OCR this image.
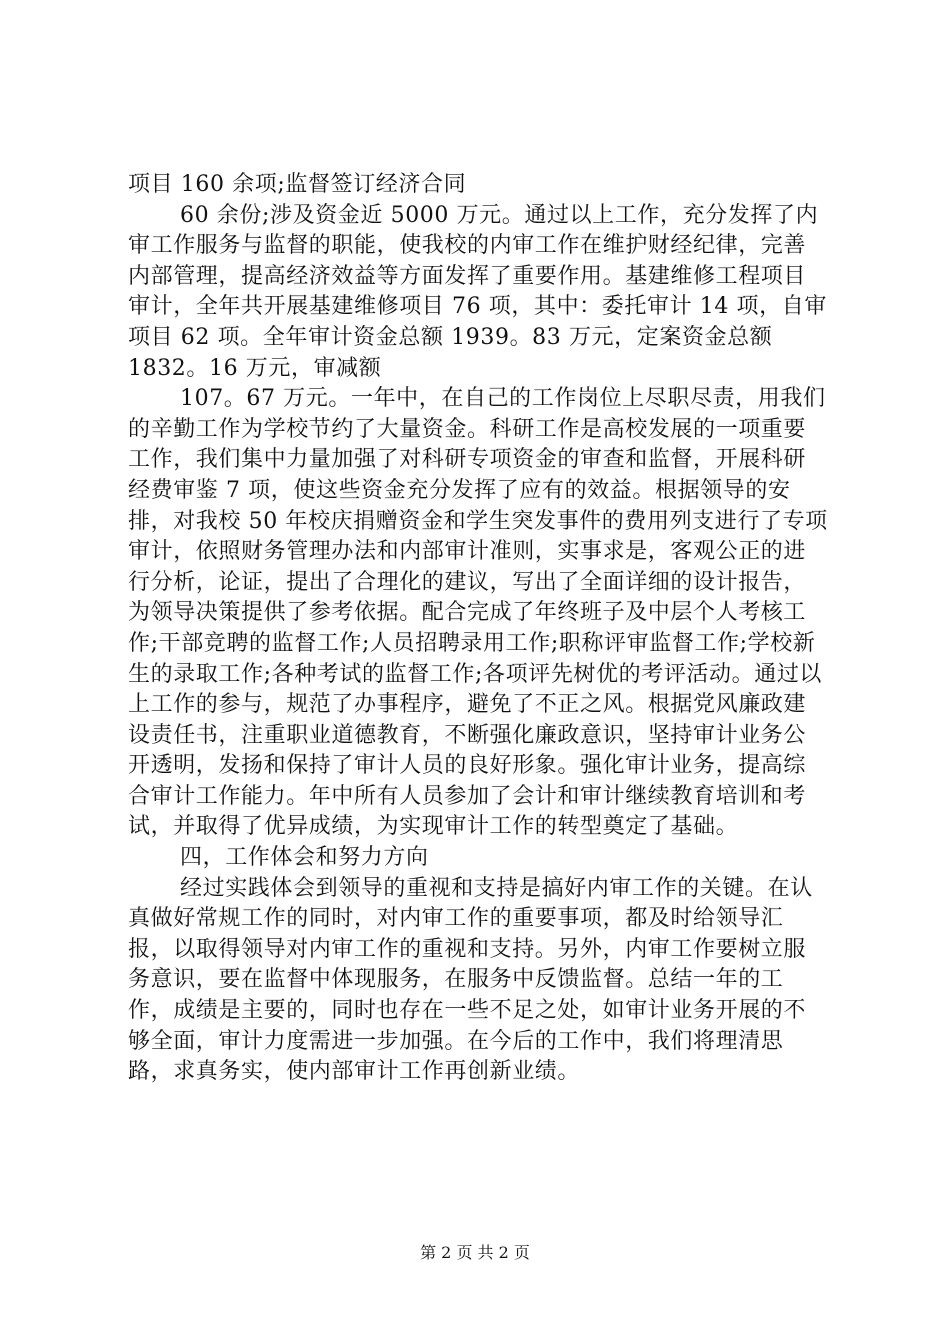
项目 160 余项;监督签订经济合同

60 余份;涉及资金近 5000 万元。通过以上工作，充分发挥了内审工作服务与监督的职能，使我校的内审工作在维护财经纪律，完善内部管理，提高经济效益等方面发挥了重要作用。基建维修工程项目审计，全年共开展基建维修项目 76 项，其中：委托审计 14 项，自审项目 62 项。全年审计资金总额 1939。83 万元，定案资金总额 1832。16 万元，审减额

107。67 万元。一年中，在自己的工作岗位上尽职尽责，用我们的辛勤工作为学校节约了大量资金。科研工作是高校发展的一项重要工作，我们集中力量加强了对科研专项资金的审查和监督，开展科研经费审鉴 7 项，使这些资金充分发挥了应有的效益。根据领导的安排，对我校 50 年校庆捐赠资金和学生突发事件的费用列支进行了专项审计，依照财务管理办法和内部审计准则，实事求是，客观公正的进行分析，论证，提出了合理化的建议，写出了全面详细的设计报告，为领导决策提供了参考依据。配合完成了年终班子及中层个人考核工作;干部竞聘的监督工作;人员招聘录用工作;职称评审监督工作;学校新生的录取工作;各种考试的监督工作;各项评先树优的考评活动。通过以上工作的参与，规范了办事程序，避免了不正之风。根据党风廉政建设责任书，注重职业道德教育，不断强化廉政意识，坚持审计业务公开透明，发扬和保持了审计人员的良好形象。强化审计业务，提高综合审计工作能力。年中所有人员参加了会计和审计继续教育培训和考试，并取得了优异成绩，为实现审计工作的转型奠定了基础。

四，工作体会和努力方向

经过实践体会到领导的重视和支持是搞好内审工作的关键。在认真做好常规工作的同时，对内审工作的重要事项，都及时给领导汇报，以取得领导对内审工作的重视和支持。另外，内审工作要树立服务意识，要在监督中体现服务，在服务中反馈监督。总结一年的工作，成绩是主要的，同时也存在一些不足之处，如审计业务开展的不够全面，审计力度需进一步加强。在今后的工作中，我们将理清思路，求真务实，使内部审计工作再创新业绩。

第 2 页 共 2 页
